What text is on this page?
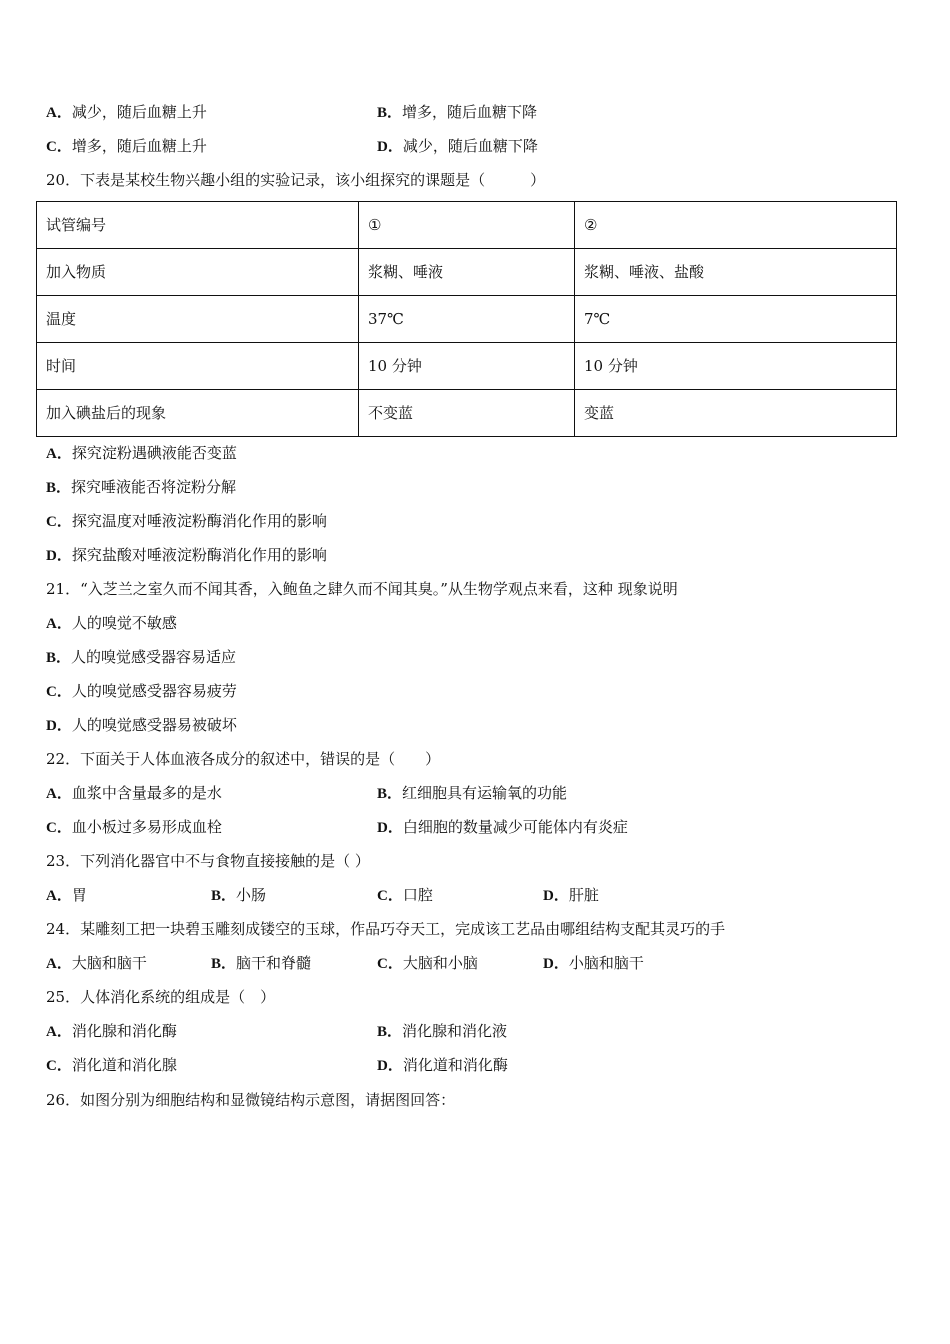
A．减少，随后血糖上升	B．增多，随后血糖下降
C．增多，随后血糖上升	D．减少，随后血糖下降
20．下表是某校生物兴趣小组的实验记录，该小组探究的课题是（　　　）
试管编号	①	②
加入物质	浆糊、唾液	浆糊、唾液、盐酸
温度	37℃	7℃
时间	10 分钟	10 分钟
加入碘盐后的现象	不变蓝	变蓝
A．探究淀粉遇碘液能否变蓝
B．探究唾液能否将淀粉分解
C．探究温度对唾液淀粉酶消化作用的影响
D．探究盐酸对唾液淀粉酶消化作用的影响
21．“入芝兰之室久而不闻其香，入鲍鱼之肆久而不闻其臭。”从生物学观点来看，这种 现象说明
A．人的嗅觉不敏感
B．人的嗅觉感受器容易适应
C．人的嗅觉感受器容易疲劳
D．人的嗅觉感受器易被破坏
22．下面关于人体血液各成分的叙述中，错误的是（　　）
A．血浆中含量最多的是水	B．红细胞具有运输氧的功能
C．血小板过多易形成血栓	D．白细胞的数量减少可能体内有炎症
23．下列消化器官中不与食物直接接触的是（ ）
A．胃	B．小肠	C．口腔	D．肝脏
24．某雕刻工把一块碧玉雕刻成镂空的玉球，作品巧夺天工，完成该工艺品由哪组结构支配其灵巧的手
A．大脑和脑干	B．脑干和脊髓	C．大脑和小脑	D．小脑和脑干
25．人体消化系统的组成是（　）
A．消化腺和消化酶	B．消化腺和消化液
C．消化道和消化腺	D．消化道和消化酶
26．如图分别为细胞结构和显微镜结构示意图，请据图回答：
